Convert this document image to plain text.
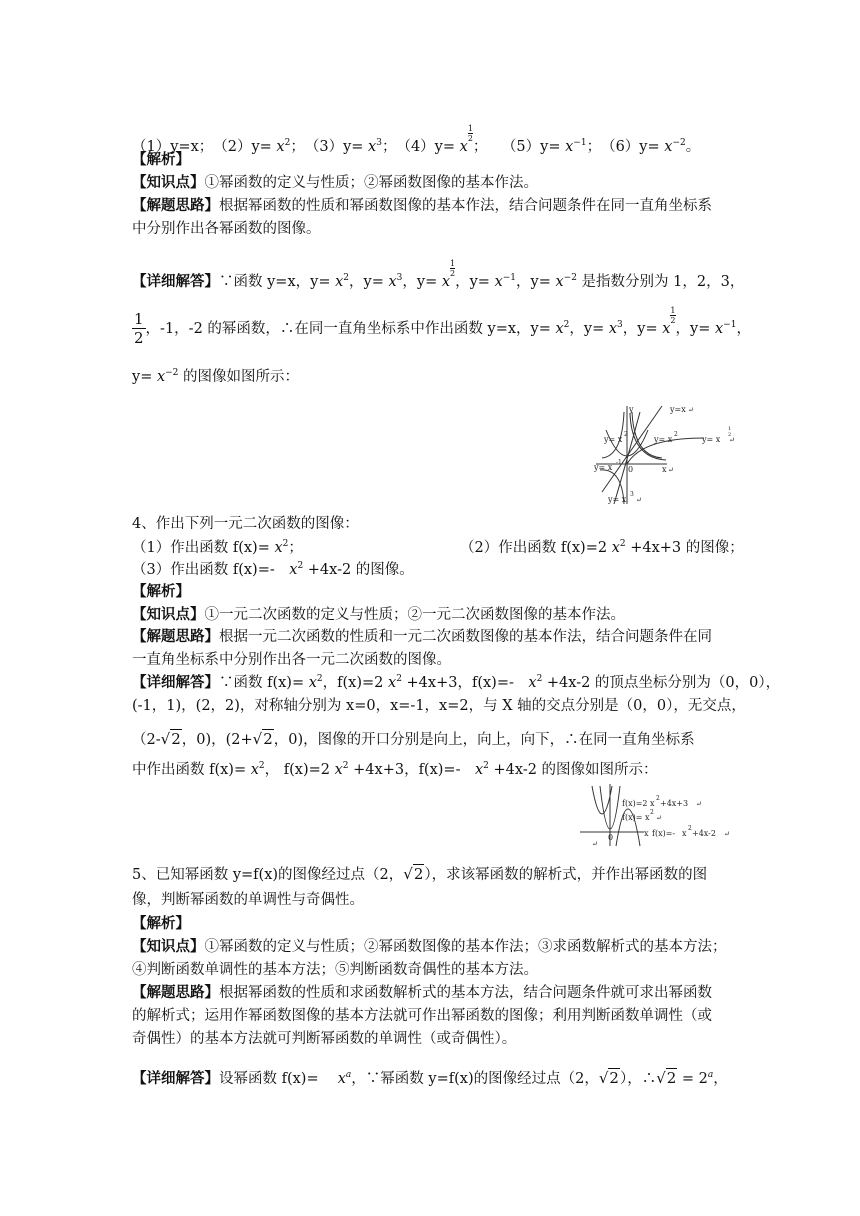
（1）y=x；　$(2)y= x^2$；　$(3)y= x^3$；　（4）y= x
$^{\frac{1}{2}}$；　　$(5)y= x^{-1}$；　$(6)y= x^{-2}$。
【解析】
【知识点】①幂函数的定义与性质；②幂函数图像的基本作法。
【解题思路】根据幂函数的性质和幂函数图像的基本作法，结合问题条件在同一直角坐标系
中分别作出各幂函数的图像。
【详细解答】∵函数 y=x，$y= x^2$，$y= x^3$，y= x
$^{\frac{1}{2}}$，$y= x^{-1}$，$y= x^{-2}$ 是指数分别为 1，2，3，
$\frac{1}{2}$ ，-1，-2 的幂函数，∴在同一直角坐标系中作出函数 y=x，$y= x^2$，$y= x^3$，y= x
$^{\frac{1}{2}}$，$y= x^{-1}$，
$y= x^{-2}$ 的图像如图所示：
y	y=x ↵
y= x
2
y= x
2
y= x
1
2
↵
y= x
-1
0	x ↵
y= x
3
↵
4、作出下列一元二次函数的图像：
（1）作出函数 $f(x)= x^2$；	（2）作出函数 f(x)=2 $x^2 +4x+3$ 的图像；
（3）作出函数 f(x)=-　$x^2 +4x-2$ 的图像。
【解析】
【知识点】①一元二次函数的定义与性质；②一元二次函数图像的基本作法。
【解题思路】根据一元二次函数的性质和一元二次函数图像的基本作法，结合问题条件在同
一直角坐标系中分别作出各一元二次函数的图像。
【详细解答】∵函数 $f(x)= x^2$，f(x)=2 $x^2 +4x+3$，f(x)=-　$x^2 +4x-2$ 的顶点坐标分别为（0，0），
(-1，1)，(2，2)，对称轴分别为 x=0，x=-1，x=2，与 X 轴的交点分别是（0，0），无交点，
（2-√2，0)，(2+√2，0)，图像的开口分别是向上，向上，向下，∴在同一直角坐标系
中作出函数 $f(x)= x^2$， f(x)=2 $x^2 +4x+3$，f(x)=-　$x^2 +4x-2$ 的图像如图所示：
f(x)=2 x
2
+4x+3 ↵
f(x)= x
2
↵
0	x f(x)=- x
2
+4x-2 ↵
↵
5、已知幂函数 y=f(x)的图像经过点（2，√2），求该幂函数的解析式，并作出幂函数的图
像，判断幂函数的单调性与奇偶性。
【解析】
【知识点】①幂函数的定义与性质；②幂函数图像的基本作法；③求函数解析式的基本方法；
④判断函数单调性的基本方法；⑤判断函数奇偶性的基本方法。
【解题思路】根据幂函数的性质和求函数解析式的基本方法，结合问题条件就可求出幂函数
的解析式；运用作幂函数图像的基本方法就可作出幂函数的图像；利用判断函数单调性（或
奇偶性）的基本方法就可判断幂函数的单调性（或奇偶性）。
【详细解答】设幂函数 f(x)= 　$x^a$，∵幂函数 y=f(x)的图像经过点（2，√2），∴√2 = $2^a$，
